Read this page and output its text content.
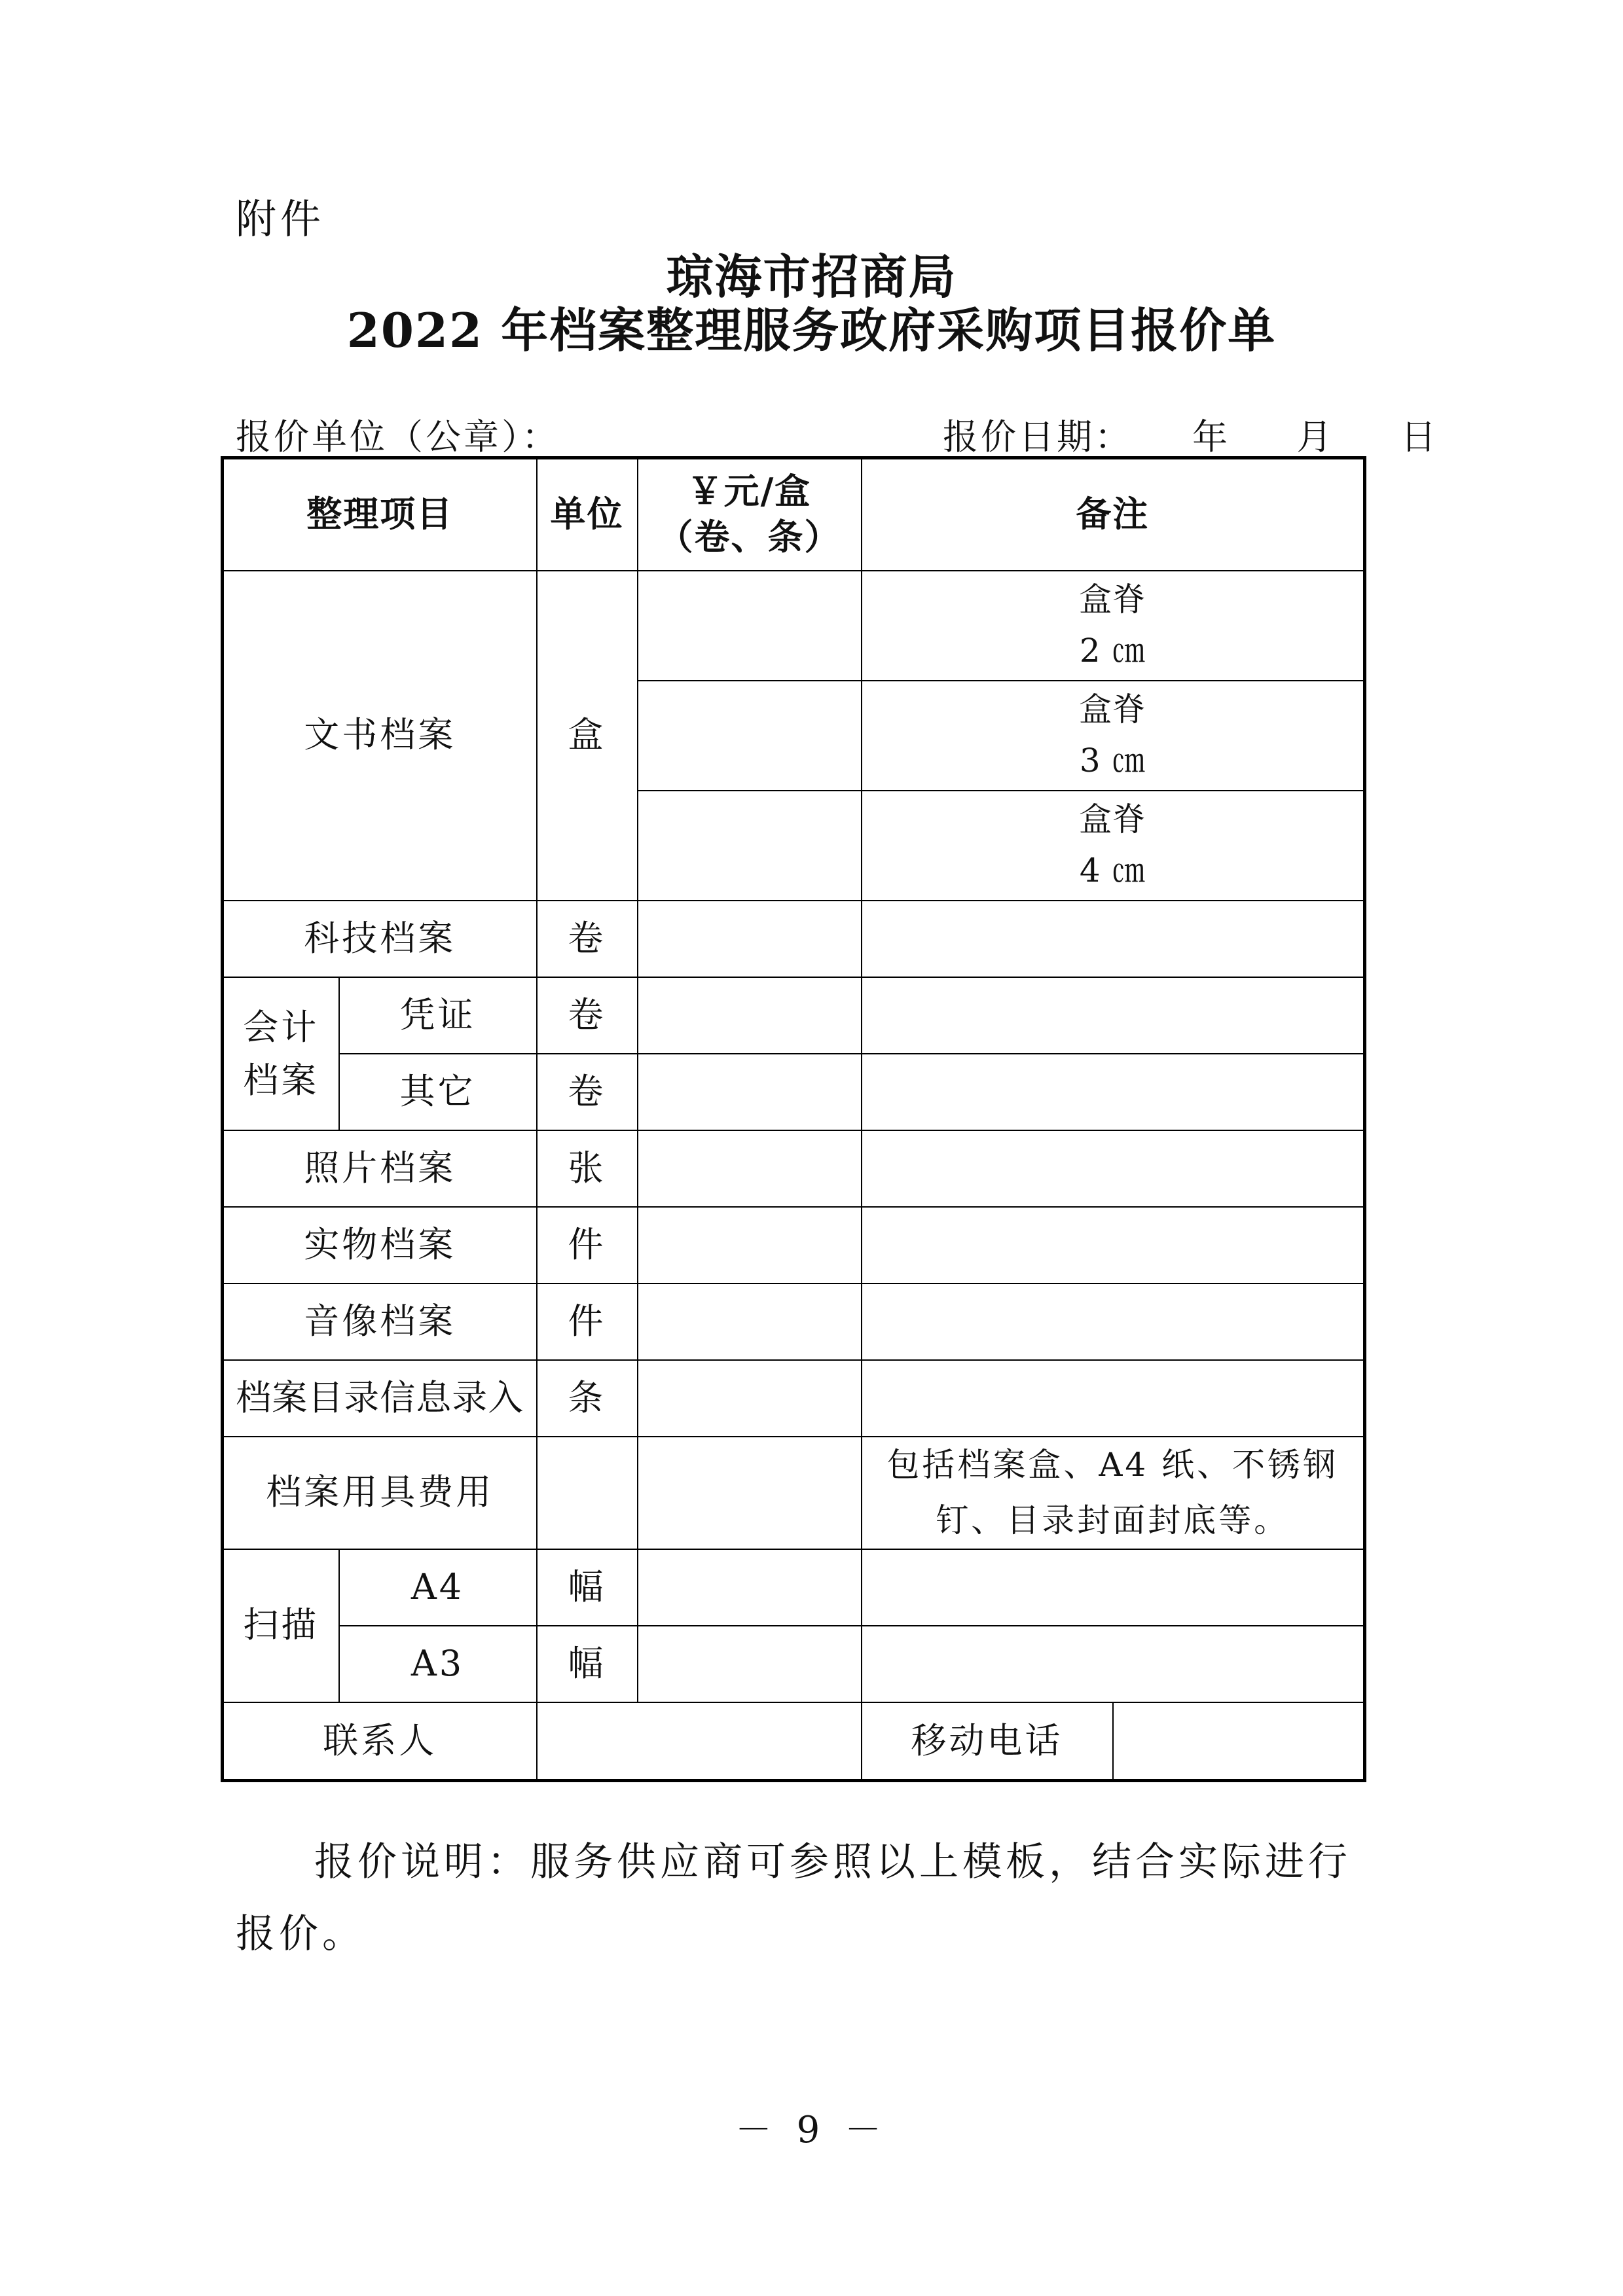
附件
琼海市招商局
2022 年档案整理服务政府采购项目报价单
报价单位（公章）：	报价日期： 年 月 日
整理项目		单位	￥元/盒（卷、条）	备注	
文书档案		盒		盒脊
2 ㎝	

				盒脊
3 ㎝	

				盒脊
4 ㎝	

科技档案		卷			
会计档案	凭证	卷			
	其它	卷			
照片档案		张			
实物档案		件			
音像档案		件			
档案目录信息录入		条			
档案用具费用				包括档案盒、A4 纸、不锈钢钉、目录封面封底等。	
扫描	A4	幅			
	A3	幅			
联系人				移动电话	
报价说明：服务供应商可参照以上模板，结合实际进行报价。
－ 9 －
